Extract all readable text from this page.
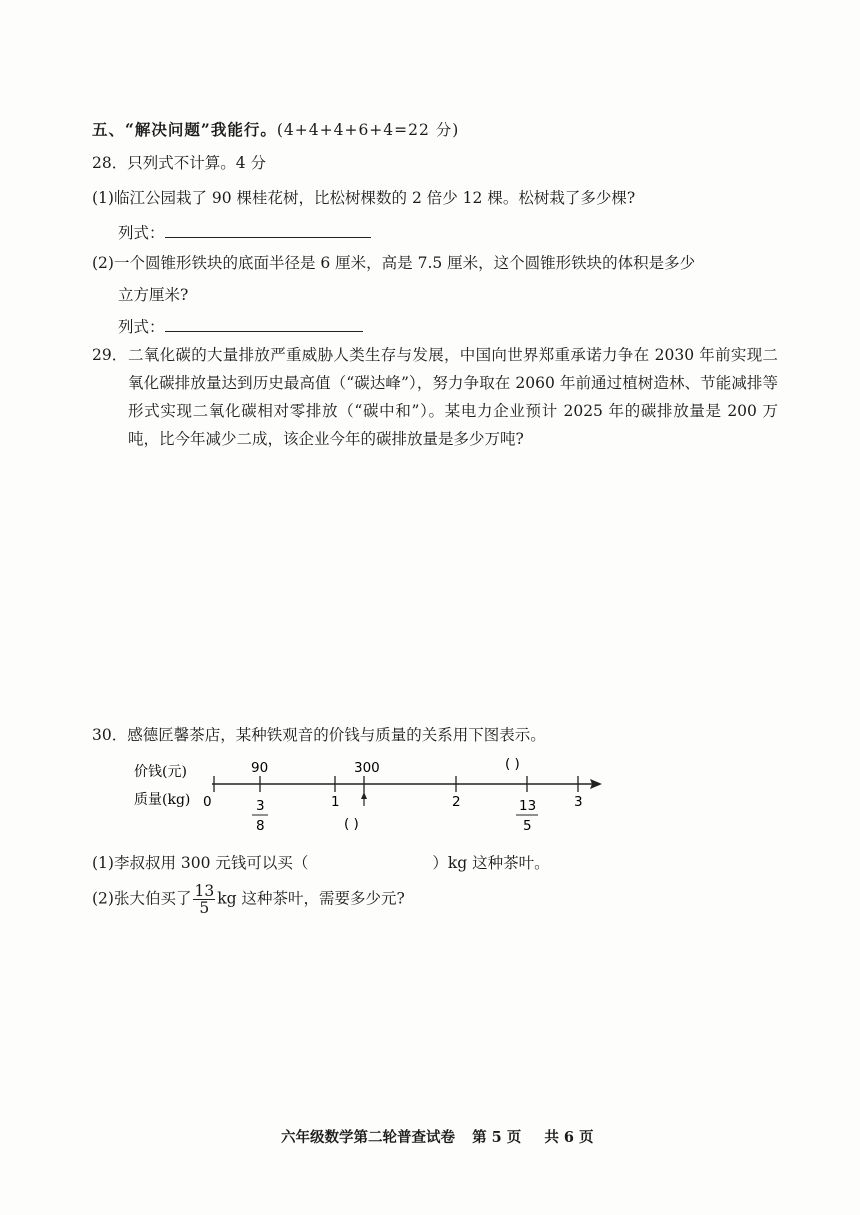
五、“解决问题”我能行。(4+4+4+6+4=22 分)
28．只列式不计算。4 分
(1)临江公园栽了 90 棵桂花树，比松树棵数的 2 倍少 12 棵。松树栽了多少棵?
列式：
(2)一个圆锥形铁块的底面半径是 6 厘米，高是 7.5 厘米，这个圆锥形铁块的体积是多少
立方厘米?
列式：
29． 二氧化碳的大量排放严重威胁人类生存与发展，中国向世界郑重承诺力争在 2030 年前实现二氧化碳排放量达到历史最高值（“碳达峰”），努力争取在 2060 年前通过植树造林、节能减排等形式实现二氧化碳相对零排放（“碳中和”）。某电力企业预计 2025 年的碳排放量是 200 万吨，比今年减少二成，该企业今年的碳排放量是多少万吨?
30．感德匠馨茶店，某种铁观音的价钱与质量的关系用下图表示。
价钱(元)
质量(kg)
90	300	( )
0	1	2	3
3
8
13
5
( )
(1)李叔叔用 300 元钱可以买（	）kg 这种茶叶。
(2)张大伯买了 $\frac{13}{5}$ kg 这种茶叶，需要多少元?
六年级数学第二轮普查试卷 第 5 页 共 6 页
